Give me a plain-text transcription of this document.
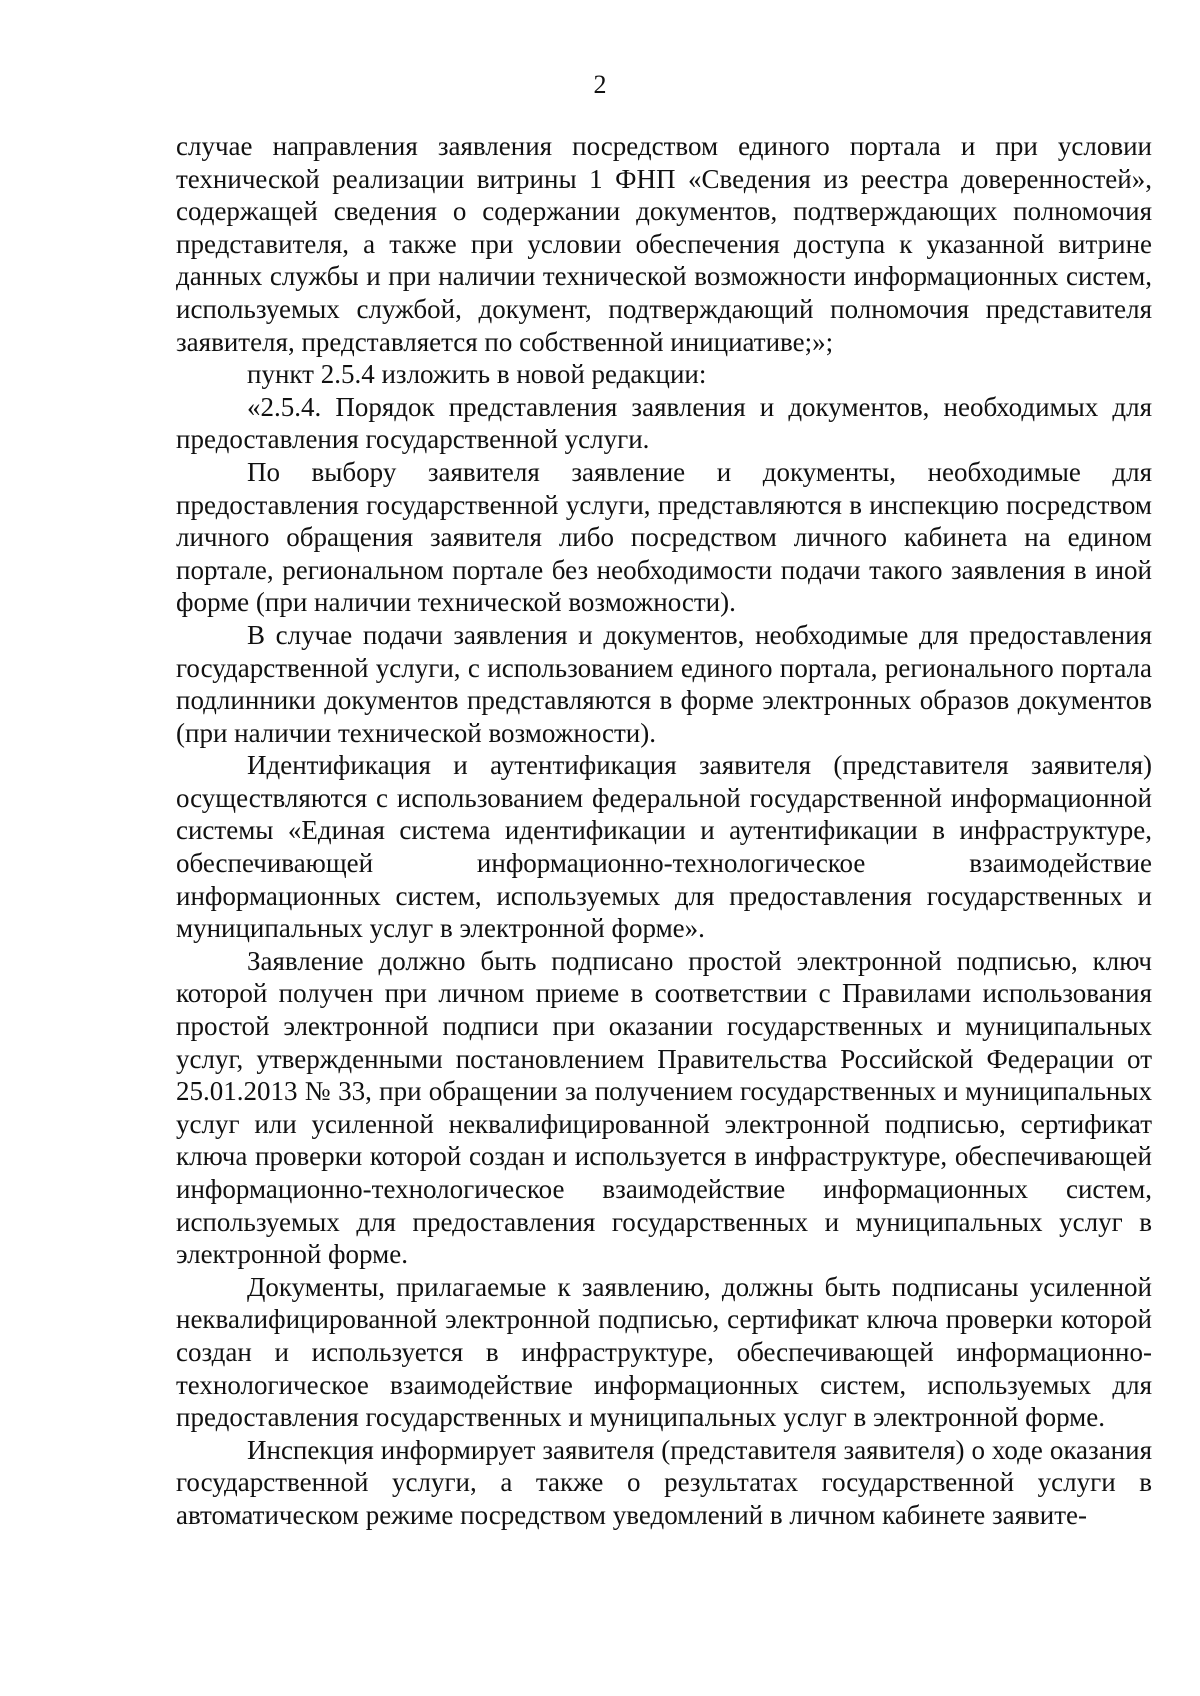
2

случае направления заявления посредством единого портала и при условии технической реализации витрины 1 ФНП «Сведения из реестра доверенностей», содержащей сведения о содержании документов, подтверждающих полномочия представителя, а также при условии обеспечения доступа к указанной витрине данных службы и при наличии технической возможности информационных систем, используемых службой, документ, подтверждающий полномочия представителя заявителя, представляется по собственной инициативе;»;

пункт 2.5.4 изложить в новой редакции:

«2.5.4. Порядок представления заявления и документов, необходимых для предоставления государственной услуги.

По выбору заявителя заявление и документы, необходимые для предоставления государственной услуги, представляются в инспекцию посредством личного обращения заявителя либо посредством личного кабинета на едином портале, региональном портале без необходимости подачи такого заявления в иной форме (при наличии технической возможности).

В случае подачи заявления и документов, необходимые для предоставления государственной услуги, с использованием единого портала, регионального портала подлинники документов представляются в форме электронных образов документов (при наличии технической возможности).

Идентификация и аутентификация заявителя (представителя заявителя) осуществляются с использованием федеральной государственной информационной системы «Единая система идентификации и аутентификации в инфраструктуре, обеспечивающей информационно-технологическое взаимодействие информационных систем, используемых для предоставления государственных и муниципальных услуг в электронной форме».

Заявление должно быть подписано простой электронной подписью, ключ которой получен при личном приеме в соответствии с Правилами использования простой электронной подписи при оказании государственных и муниципальных услуг, утвержденными постановлением Правительства Российской Федерации от 25.01.2013 № 33, при обращении за получением государственных и муниципальных услуг или усиленной неквалифицированной электронной подписью, сертификат ключа проверки которой создан и используется в инфраструктуре, обеспечивающей информационно-технологическое взаимодействие информационных систем, используемых для предоставления государственных и муниципальных услуг в электронной форме.

Документы, прилагаемые к заявлению, должны быть подписаны усиленной неквалифицированной электронной подписью, сертификат ключа проверки которой создан и используется в инфраструктуре, обеспечивающей информационно-технологическое взаимодействие информационных систем, используемых для предоставления государственных и муниципальных услуг в электронной форме.

Инспекция информирует заявителя (представителя заявителя) о ходе оказания государственной услуги, а также о результатах государственной услуги в автоматическом режиме посредством уведомлений в личном кабинете заявите-
